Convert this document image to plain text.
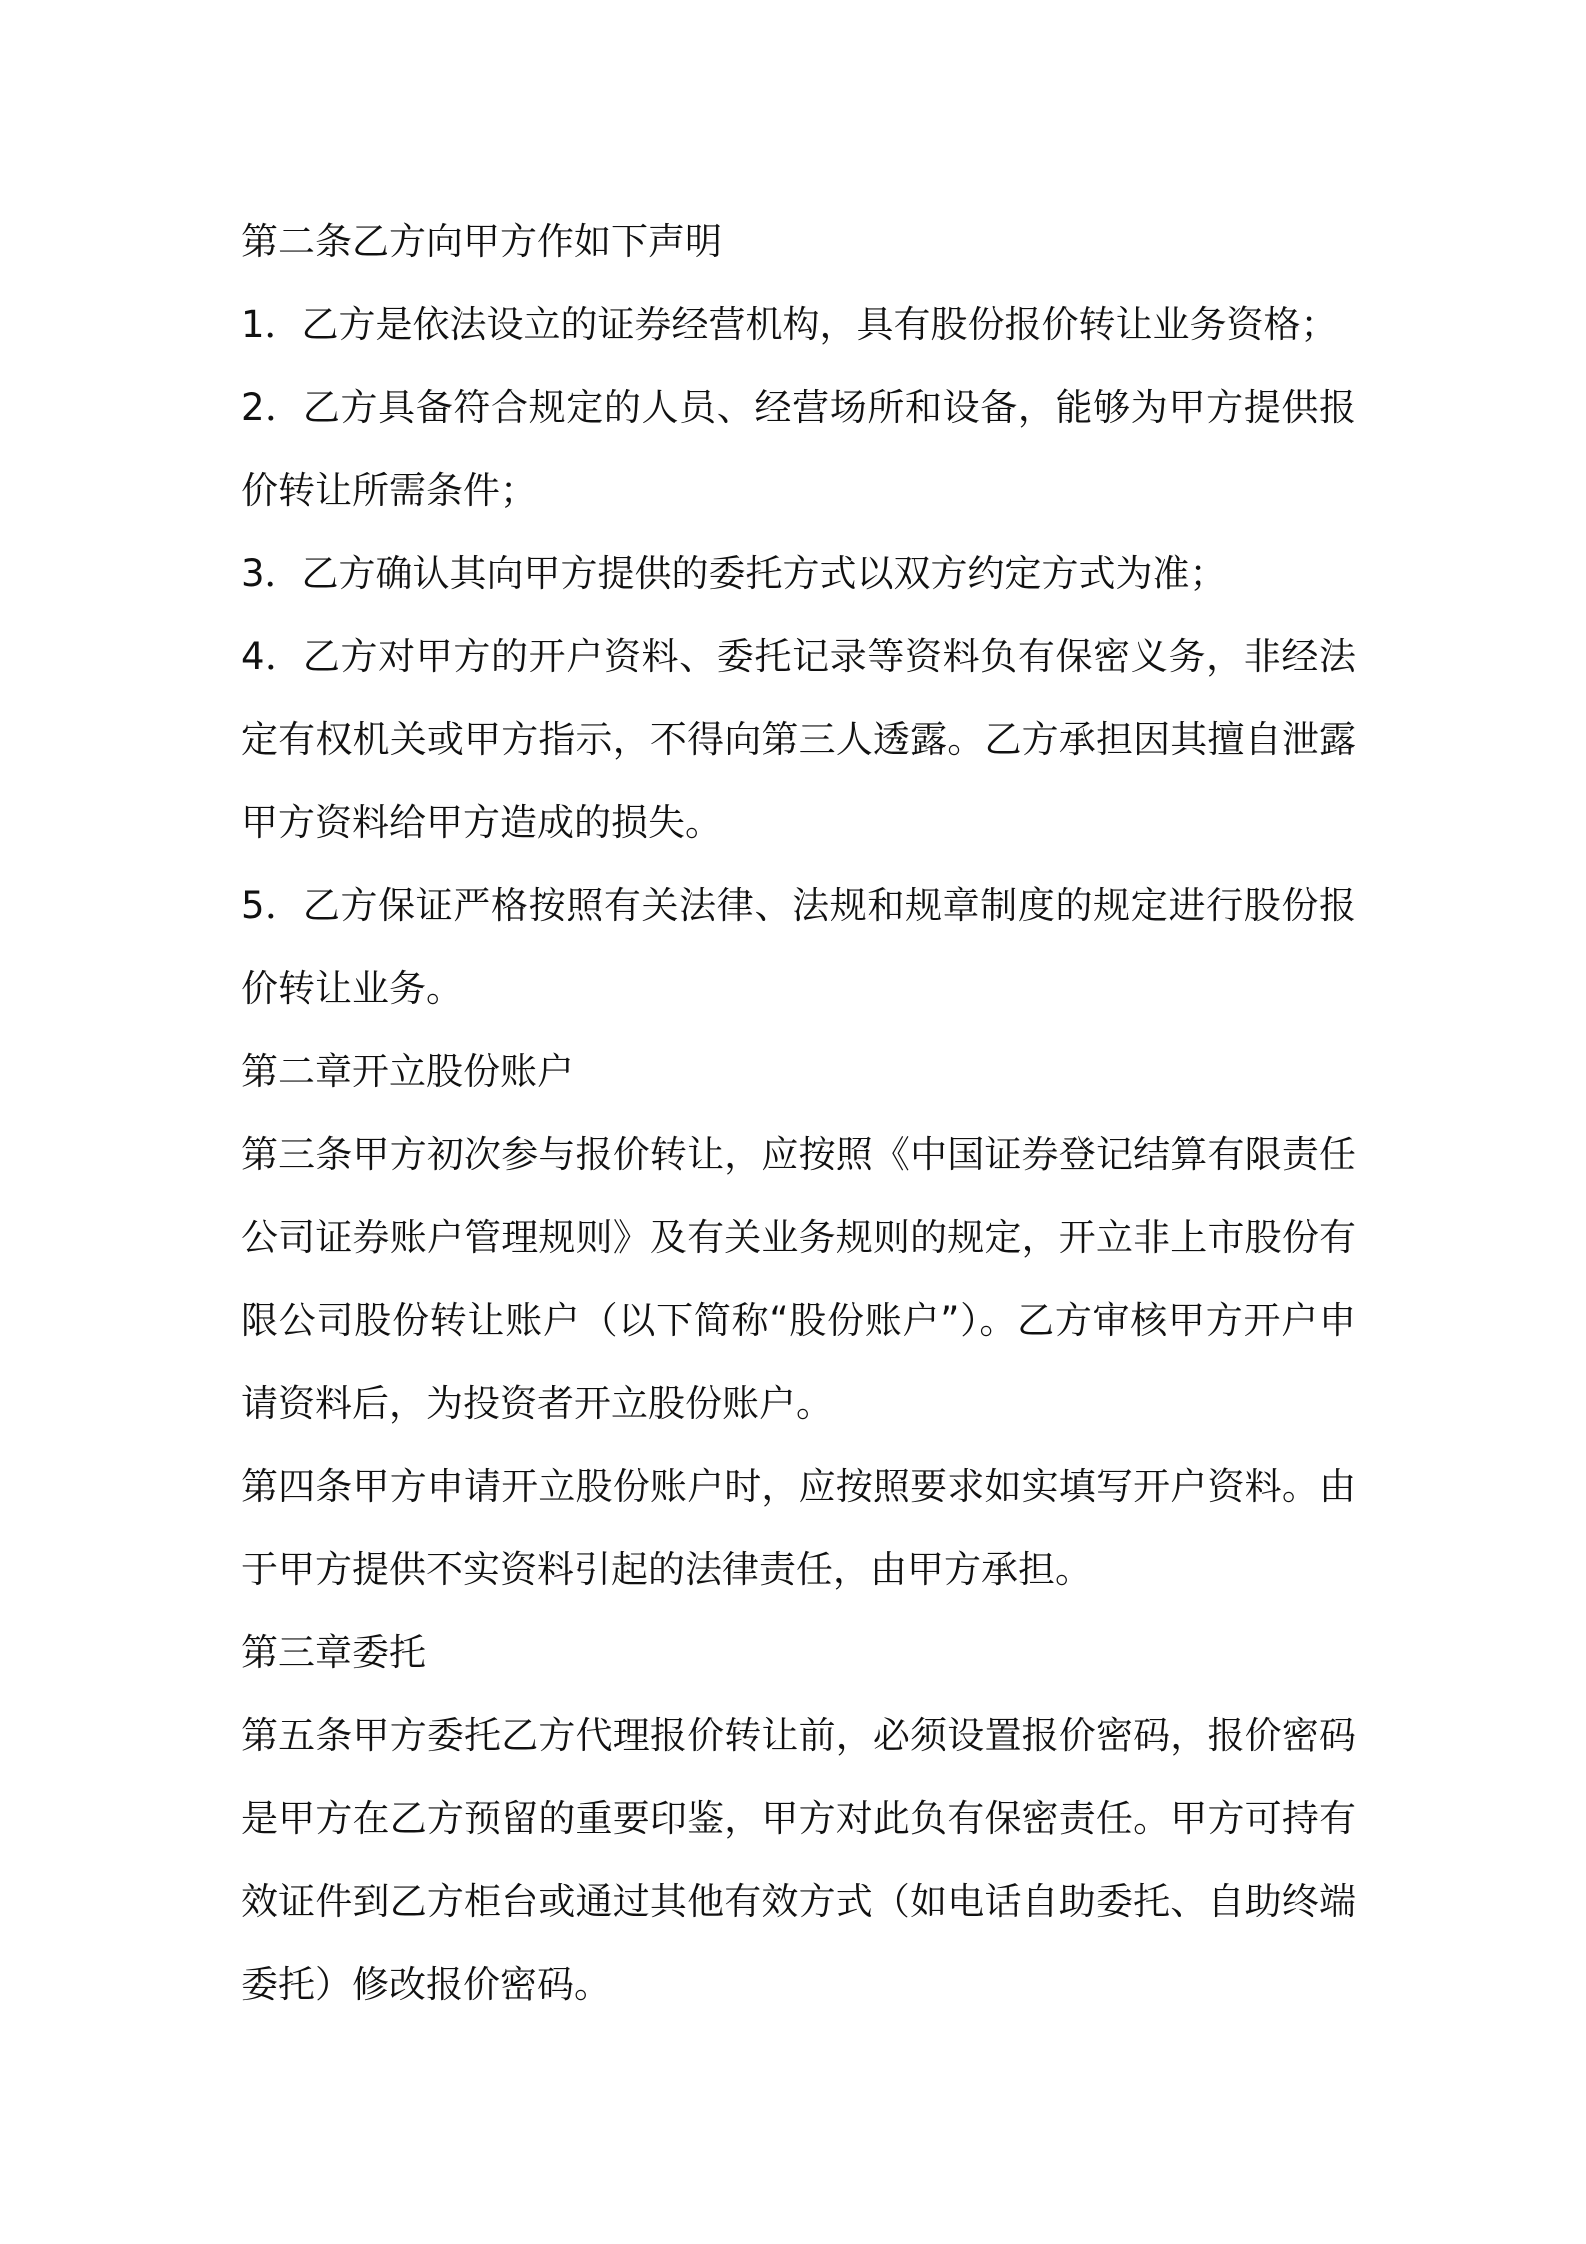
第二条乙方向甲方作如下声明

1．乙方是依法设立的证券经营机构，具有股份报价转让业务资格；

2．乙方具备符合规定的人员、经营场所和设备，能够为甲方提供报价转让所需条件；

3．乙方确认其向甲方提供的委托方式以双方约定方式为准；

4．乙方对甲方的开户资料、委托记录等资料负有保密义务，非经法定有权机关或甲方指示，不得向第三人透露。乙方承担因其擅自泄露甲方资料给甲方造成的损失。

5．乙方保证严格按照有关法律、法规和规章制度的规定进行股份报价转让业务。

第二章开立股份账户

第三条甲方初次参与报价转让，应按照《中国证券登记结算有限责任公司证券账户管理规则》及有关业务规则的规定，开立非上市股份有限公司股份转让账户（以下简称“股份账户”）。乙方审核甲方开户申请资料后，为投资者开立股份账户。

第四条甲方申请开立股份账户时，应按照要求如实填写开户资料。由于甲方提供不实资料引起的法律责任，由甲方承担。

第三章委托

第五条甲方委托乙方代理报价转让前，必须设置报价密码，报价密码是甲方在乙方预留的重要印鉴，甲方对此负有保密责任。甲方可持有效证件到乙方柜台或通过其他有效方式（如电话自助委托、自助终端委托）修改报价密码。
